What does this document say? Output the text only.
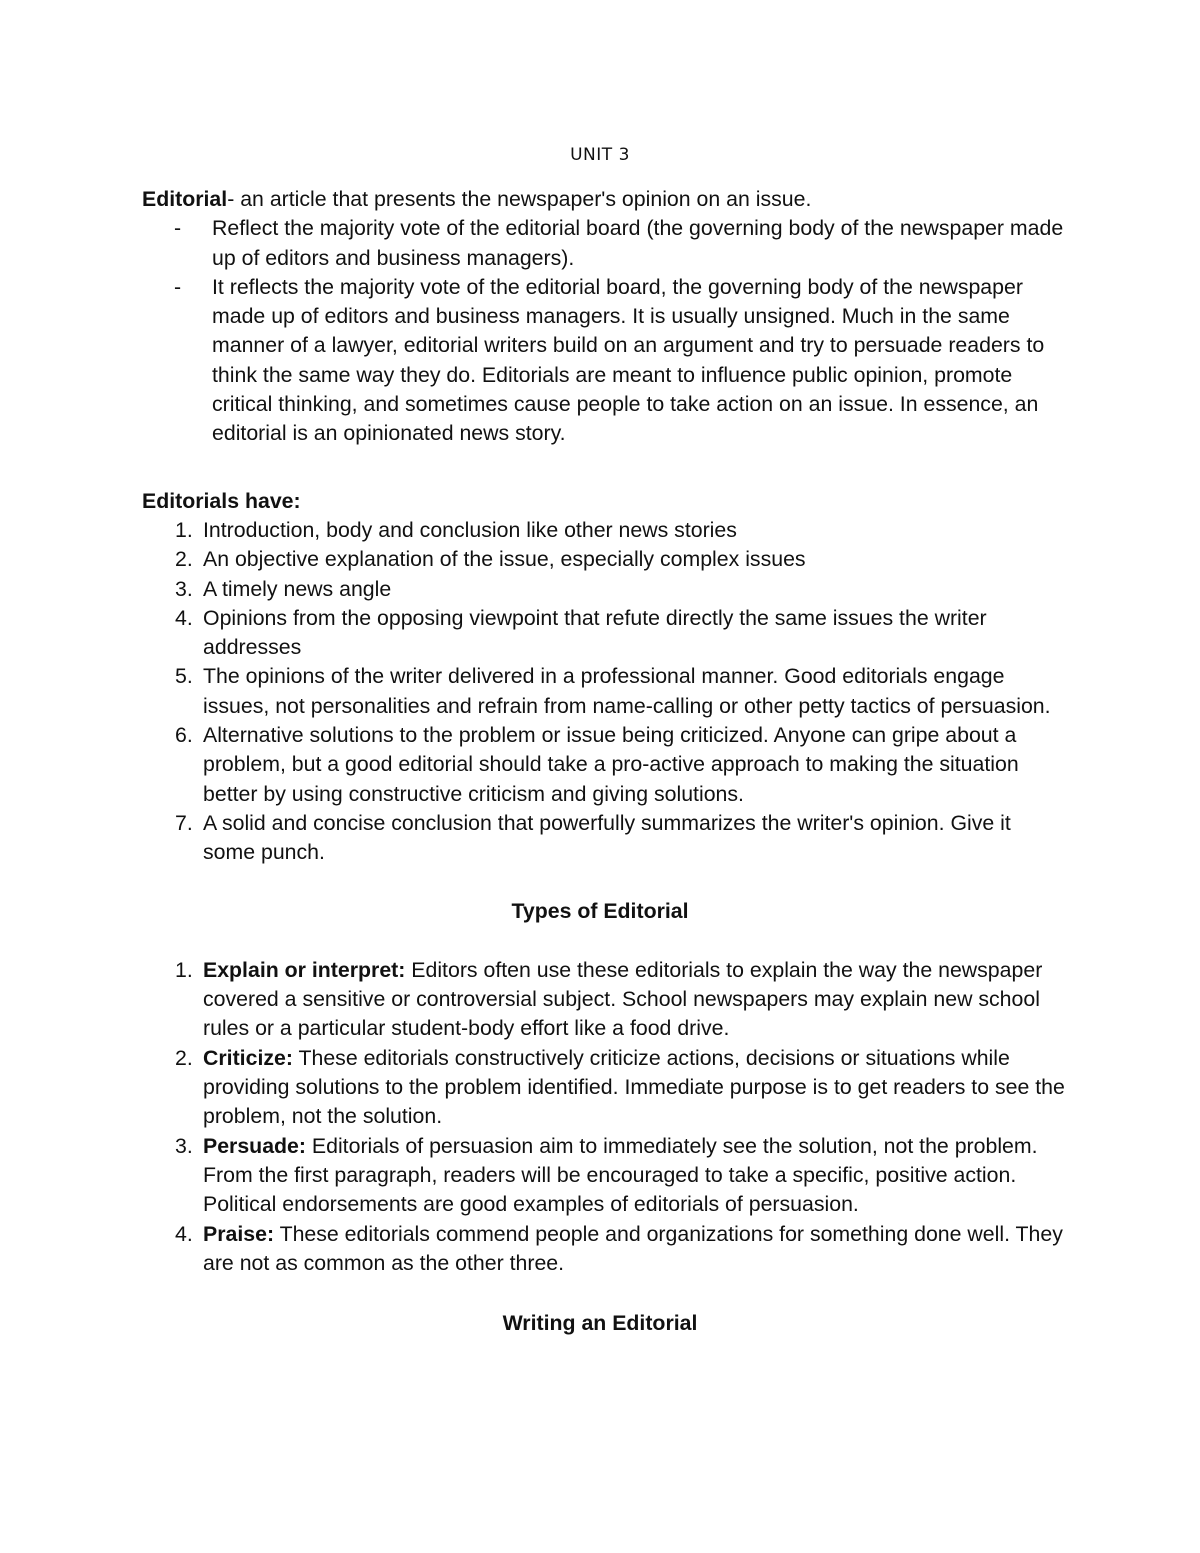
UNIT 3

Editorial- an article that presents the newspaper's opinion on an issue.

- Reflect the majority vote of the editorial board (the governing body of the newspaper made up of editors and business managers).
- It reflects the majority vote of the editorial board, the governing body of the newspaper made up of editors and business managers. It is usually unsigned. Much in the same manner of a lawyer, editorial writers build on an argument and try to persuade readers to think the same way they do. Editorials are meant to influence public opinion, promote critical thinking, and sometimes cause people to take action on an issue. In essence, an editorial is an opinionated news story.
Editorials have:
1. Introduction, body and conclusion like other news stories
2. An objective explanation of the issue, especially complex issues
3. A timely news angle
4. Opinions from the opposing viewpoint that refute directly the same issues the writer addresses
5. The opinions of the writer delivered in a professional manner. Good editorials engage issues, not personalities and refrain from name-calling or other petty tactics of persuasion.
6. Alternative solutions to the problem or issue being criticized. Anyone can gripe about a problem, but a good editorial should take a pro-active approach to making the situation better by using constructive criticism and giving solutions.
7. A solid and concise conclusion that powerfully summarizes the writer's opinion. Give it some punch.
Types of Editorial
1. Explain or interpret: Editors often use these editorials to explain the way the newspaper covered a sensitive or controversial subject. School newspapers may explain new school rules or a particular student-body effort like a food drive.
2. Criticize: These editorials constructively criticize actions, decisions or situations while providing solutions to the problem identified. Immediate purpose is to get readers to see the problem, not the solution.
3. Persuade: Editorials of persuasion aim to immediately see the solution, not the problem. From the first paragraph, readers will be encouraged to take a specific, positive action. Political endorsements are good examples of editorials of persuasion.
4. Praise: These editorials commend people and organizations for something done well. They are not as common as the other three.
Writing an Editorial
